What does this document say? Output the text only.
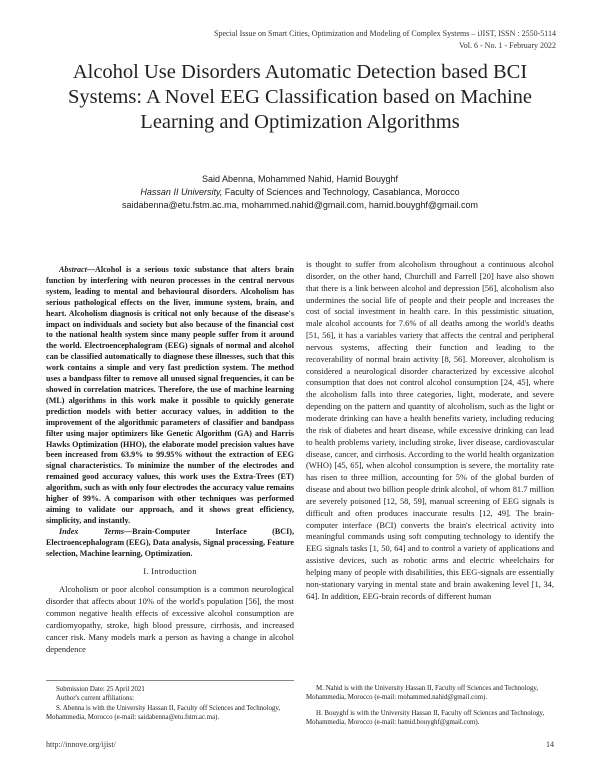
Special Issue on Smart Cities, Optimization and Modeling of Complex Systems – iJIST, ISSN : 2550-5114
Vol. 6 - No. 1 - February 2022
Alcohol Use Disorders Automatic Detection based BCI Systems: A Novel EEG Classification based on Machine Learning and Optimization Algorithms
Said Abenna, Mohammed Nahid, Hamid Bouyghf
Hassan II University, Faculty of Sciences and Technology, Casablanca, Morocco
saidabenna@etu.fstm.ac.ma, mohammed.nahid@gmail.com, hamid.bouyghf@gmail.com

Abstract—Alcohol is a serious toxic substance that alters brain function by interfering with neuron processes in the central nervous system, leading to mental and behavioural disorders. Alcoholism has serious pathological effects on the liver, immune system, brain, and heart. Alcoholism diagnosis is critical not only because of the disease's impact on individuals and society but also because of the financial cost to the national health system since many people suffer from it around the world. Electroencephalogram (EEG) signals of normal and alcohol can be classified automatically to diagnose these illnesses, such that this work contains a simple and very fast prediction system. The method uses a bandpass filter to remove all unused signal frequencies, it can be showed in correlation matrices. Therefore, the use of machine learning (ML) algorithms in this work make it possible to quickly generate prediction models with better accuracy values, in addition to the improvement of the algorithmic parameters of classifier and bandpass filter using major optimizers like Genetic Algorithm (GA) and Harris Hawks Optimization (HHO), the elaborate model precision values have been increased from 63.9% to 99.95% without the extraction of EEG signal characteristics. To minimize the number of the electrodes and remained good accuracy values, this work uses the Extra-Trees (ET) algorithm, such as with only four electrodes the accuracy value remains higher of 99%. A comparison with other techniques was performed aiming to validate our approach, and it shows great efficiency, simplicity, and instantly.

Index Terms—Brain-Computer Interface (BCI), Electroencephalogram (EEG), Data analysis, Signal processing, Feature selection, Machine learning, Optimization.

I. Introduction

Alcoholism or poor alcohol consumption is a common neurological disorder that affects about 10% of the world's population [56], the most common negative health effects of excessive alcohol consumption are cardiomyopathy, stroke, high blood pressure, cirrhosis, and increased cancer risk. Many models mark a person as having a change in alcohol dependence

is thought to suffer from alcoholism throughout a continuous alcohol disorder, on the other hand, Churchill and Farrell [20] have also shown that there is a link between alcohol and depression [56], alcoholism also undermines the social life of people and their people and increases the cost of social investment in health care. In this pessimistic situation, male alcohol accounts for 7.6% of all deaths among the world's deaths [51, 56], it has a variables variety that affects the central and peripheral nervous systems, affecting their function and leading to the recoverability of normal brain activity [8, 56]. Moreover, alcoholism is considered a neurological disorder characterized by excessive alcohol consumption that does not control alcohol consumption [24, 45], where the alcoholism falls into three categories, light, moderate, and severe depending on the pattern and quantity of alcoholism, such as the light or moderate drinking can have a health benefits variety, including reducing the risk of diabetes and heart disease, while excessive drinking can lead to health problems variety, including stroke, liver disease, cardiovascular disease, cancer, and cirrhosis. According to the world health organization (WHO) [45, 65], when alcohol consumption is severe, the mortality rate has risen to three million, accounting for 5% of the global burden of disease and about two billion people drink alcohol, of whom 81.7 million are severely poisoned [12, 58, 59], manual screening of EEG signals is difficult and often produces inaccurate results [12, 49]. The brain-computer interface (BCI) converts the brain's electrical activity into meaningful commands using soft computing technology to identify the EEG signals tasks [1, 50, 64] and to control a variety of applications and assistive devices, such as robotic arms and electric wheelchairs for helping many of people with disabilities, this EEG-signals are essentially non-stationary varying in mental state and brain awakening level [1, 34, 64]. In addition, EEG-brain records of different human

Submission Date: 25 April 2021

Author's current affiliations:

S. Abenna is with the University Hassan II, Faculty off Sciences and Technology, Mohammedia, Morocco (e-mail: saidabenna@etu.fstm.ac.ma).

M. Nahid is with the University Hassan II, Faculty off Sciences and Technology, Mohammedia, Morocco (e-mail: mohammed.nahid@gmail.com).

H. Bouyghf is with the University Hassan II, Faculty off Sciences and Technology, Mohammedia, Morocco (e-mail: hamid.bouyghf@gmail.com).

http://innove.org/ijist/	14
